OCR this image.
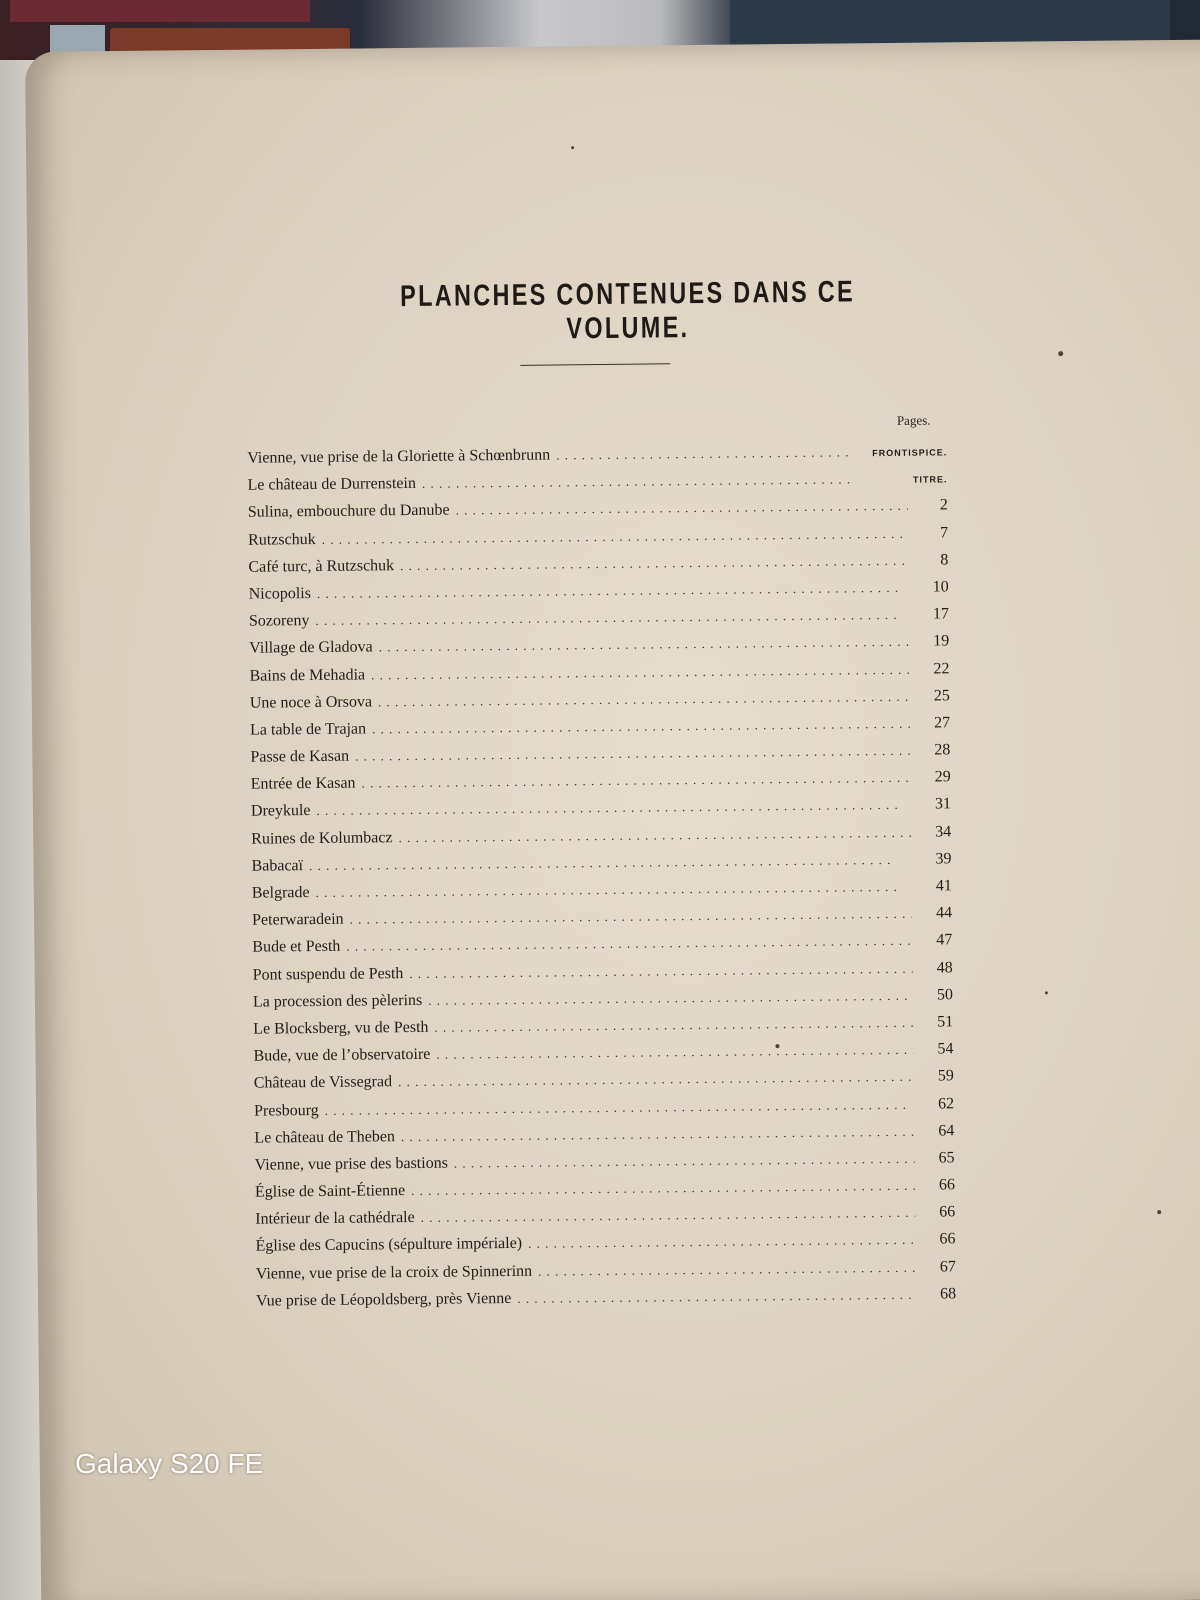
PLANCHES CONTENUES DANS CE VOLUME.
Pages.
Vienne, vue prise de la Gloriette à Schœnbrunn . . .	FRONTISPICE.
Le château de Durrenstein . . .	TITRE.
Sulina, embouchure du Danube . . .	2
Rutzschuk . . .	7
Café turc, à Rutzschuk . . .	8
Nicopolis . . .	10
Sozoreny . . .	17
Village de Gladova . . .	19
Bains de Mehadia . . .	22
Une noce à Orsova . . .	25
La table de Trajan . . .	27
Passe de Kasan . . .	28
Entrée de Kasan . . .	29
Dreykule . . .	31
Ruines de Kolumbacz . . .	34
Babacaï . . .	39
Belgrade . . .	41
Peterwaradein . . .	44
Bude et Pesth . . .	47
Pont suspendu de Pesth . . .	48
La procession des pèlerins . . .	50
Le Blocksberg, vu de Pesth . . .	51
Bude, vue de l’observatoire . . .	54
Château de Vissegrad . . .	59
Presbourg . . .	62
Le château de Theben . . .	64
Vienne, vue prise des bastions . . .	65
Église de Saint-Étienne . . .	66
Intérieur de la cathédrale . . .	66
Église des Capucins (sépulture impériale) . . .	66
Vienne, vue prise de la croix de Spinnerinn . . .	67
Vue prise de Léopoldsberg, près Vienne . . .	68
Galaxy S20 FE
